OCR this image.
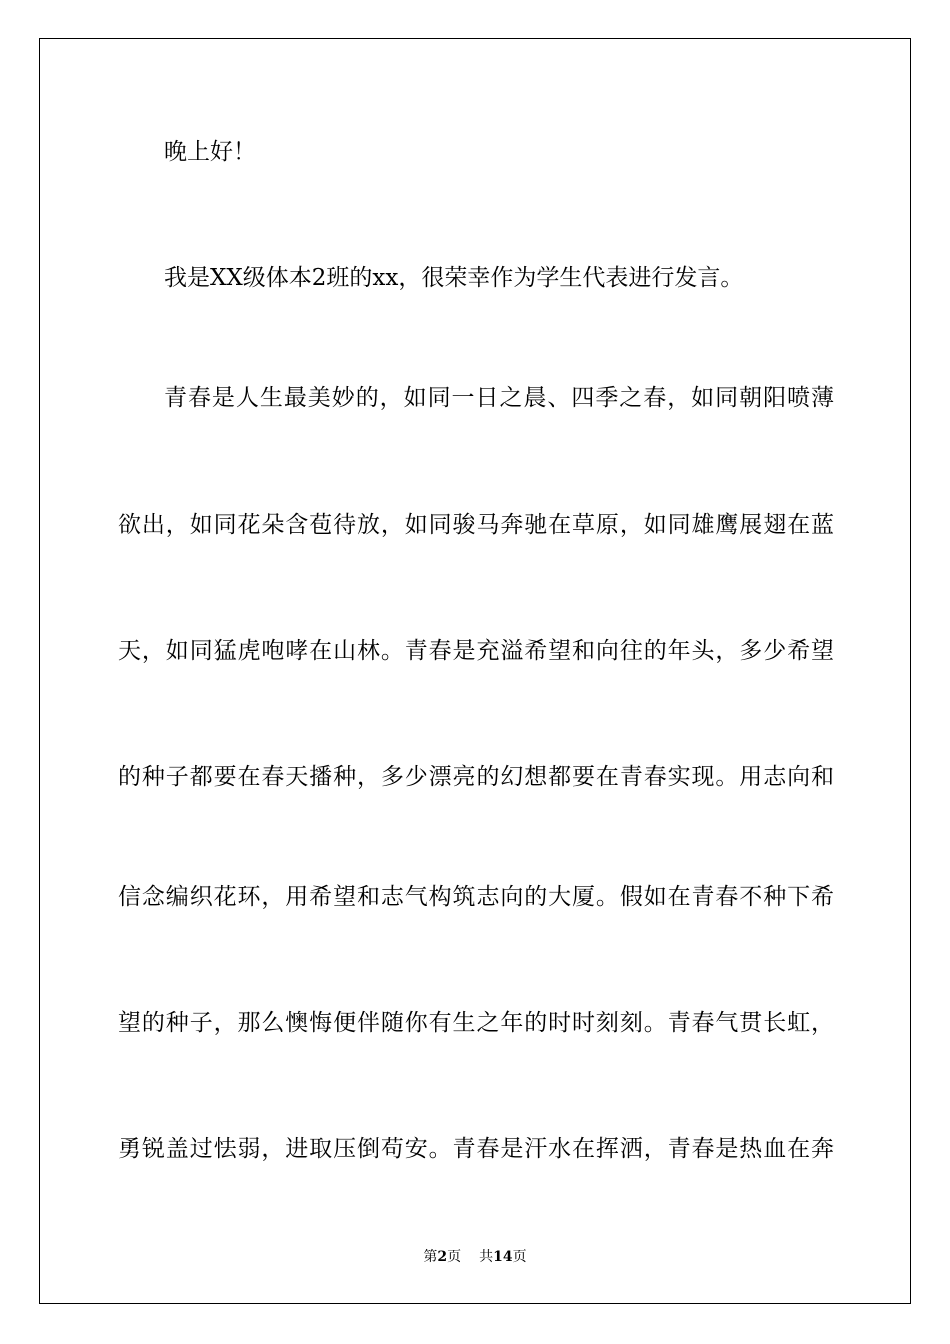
晚上好！
我是XX级体本2班的xx，很荣幸作为学生代表进行发言。
青春是人生最美妙的，如同一日之晨、四季之春，如同朝阳喷薄
欲出，如同花朵含苞待放，如同骏马奔驰在草原，如同雄鹰展翅在蓝
天，如同猛虎咆哮在山林。青春是充溢希望和向往的年头，多少希望
的种子都要在春天播种，多少漂亮的幻想都要在青春实现。用志向和
信念编织花环，用希望和志气构筑志向的大厦。假如在青春不种下希
望的种子，那么懊悔便伴随你有生之年的时时刻刻。青春气贯长虹，
勇锐盖过怯弱，进取压倒苟安。青春是汗水在挥洒，青春是热血在奔
第2页 共14页
